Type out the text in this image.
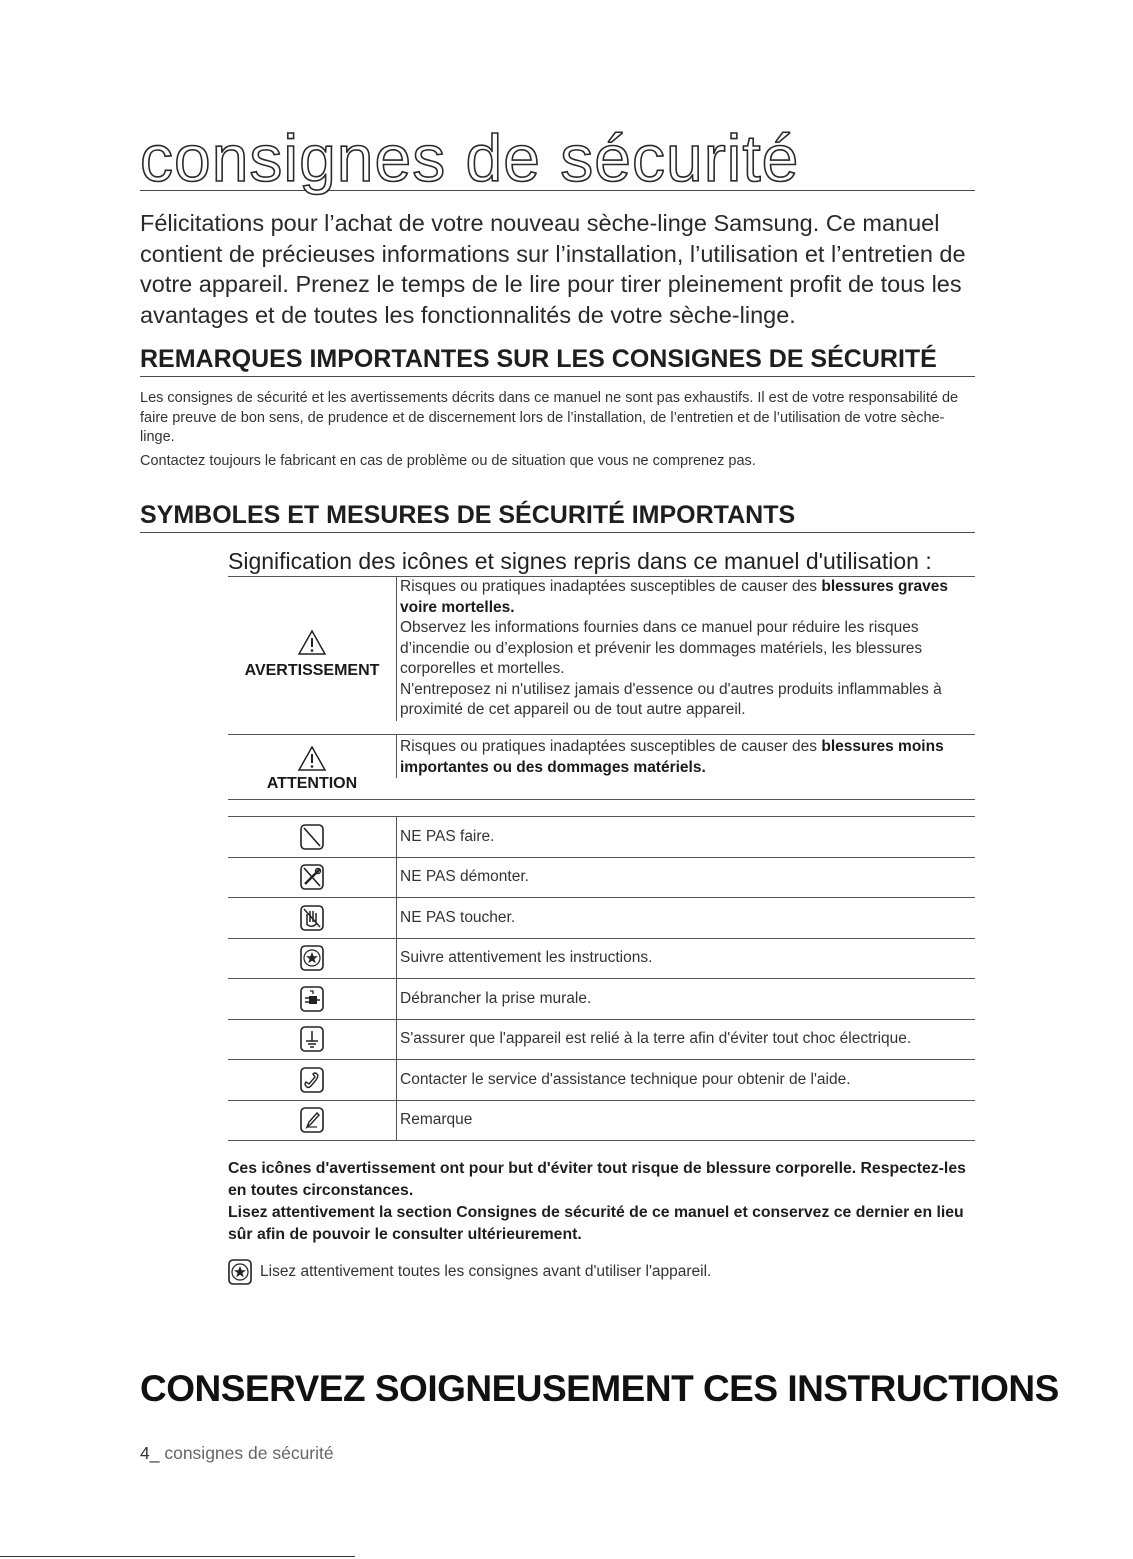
consignes de sécurité
Félicitations pour l’achat de votre nouveau sèche-linge Samsung. Ce manuel contient de précieuses informations sur l’installation, l’utilisation et l’entretien de votre appareil. Prenez le temps de le lire pour tirer pleinement profit de tous les avantages et de toutes les fonctionnalités de votre sèche-linge.
REMARQUES IMPORTANTES SUR LES CONSIGNES DE SÉCURITÉ
Les consignes de sécurité et les avertissements décrits dans ce manuel ne sont pas exhaustifs. Il est de votre responsabilité de faire preuve de bon sens, de prudence et de discernement lors de l’installation, de l’entretien et de l’utilisation de votre sèche-linge.
Contactez toujours le fabricant en cas de problème ou de situation que vous ne comprenez pas.
SYMBOLES ET MESURES DE SÉCURITÉ IMPORTANTS
Signification des icônes et signes repris dans ce manuel d'utilisation :
AVERTISSEMENT

Risques ou pratiques inadaptées susceptibles de causer des blessures graves voire mortelles.

Observez les informations fournies dans ce manuel pour réduire les risques d’incendie ou d’explosion et prévenir les dommages matériels, les blessures corporelles et mortelles.

N'entreposez ni n'utilisez jamais d'essence ou d'autres produits inflammables à proximité de cet appareil ou de tout autre appareil.

ATTENTION

Risques ou pratiques inadaptées susceptibles de causer des blessures moins importantes ou des dommages matériels.

NE PAS faire.
NE PAS démonter.
NE PAS toucher.
Suivre attentivement les instructions.
Débrancher la prise murale.
S'assurer que l'appareil est relié à la terre afin d'éviter tout choc électrique.
Contacter le service d'assistance technique pour obtenir de l'aide.
Remarque

Ces icônes d'avertissement ont pour but d'éviter tout risque de blessure corporelle. Respectez-les en toutes circonstances.

Lisez attentivement la section Consignes de sécurité de ce manuel et conservez ce dernier en lieu sûr afin de pouvoir le consulter ultérieurement.

Lisez attentivement toutes les consignes avant d'utiliser l'appareil.
CONSERVEZ SOIGNEUSEMENT CES INSTRUCTIONS
4_ consignes de sécurité
